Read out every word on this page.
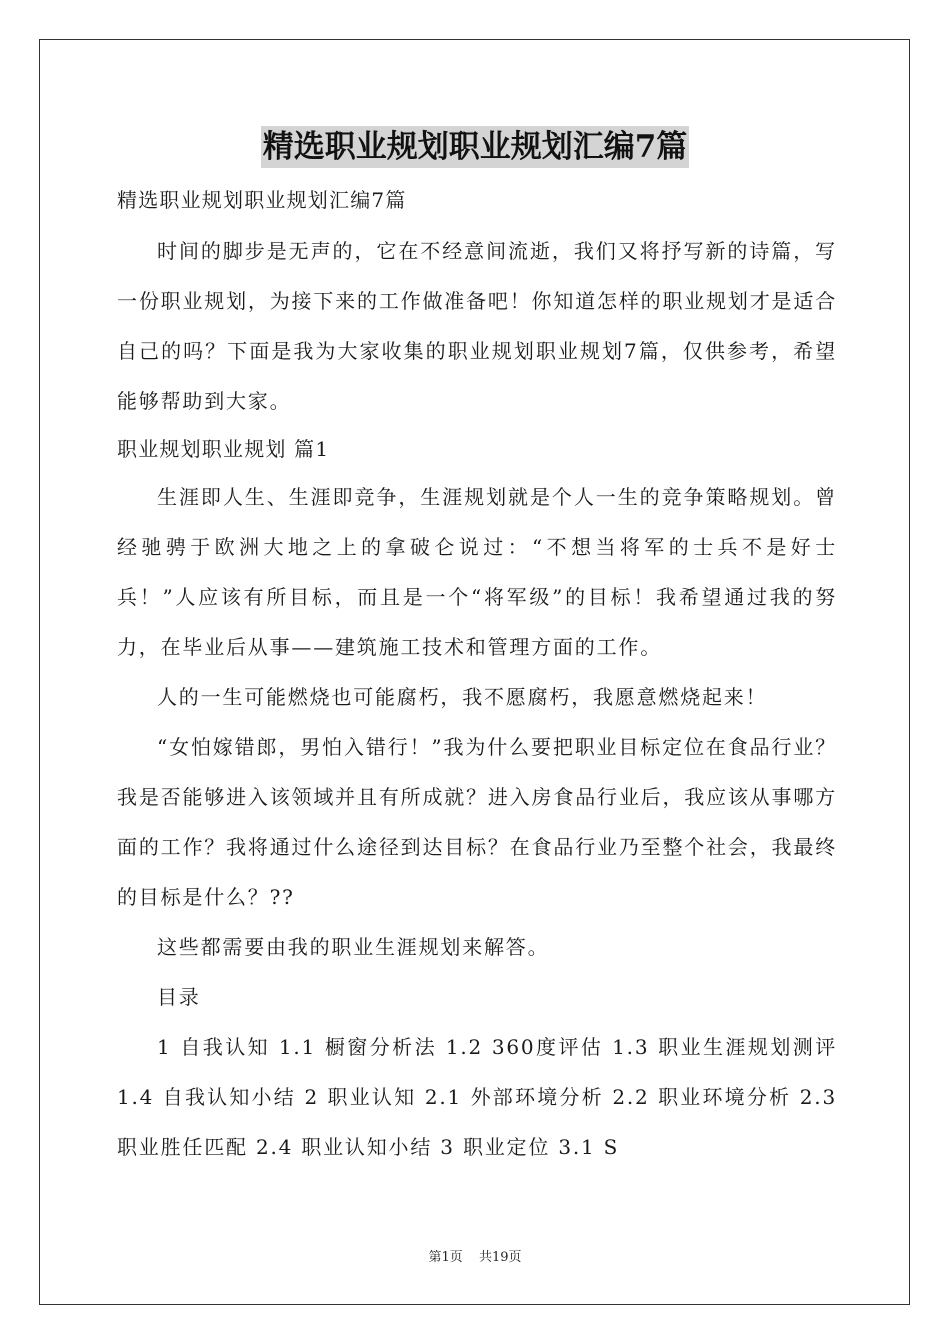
精选职业规划职业规划汇编7篇
精选职业规划职业规划汇编7篇

时间的脚步是无声的，它在不经意间流逝，我们又将抒写新的诗篇，写一份职业规划，为接下来的工作做准备吧！你知道怎样的职业规划才是适合自己的吗？下面是我为大家收集的职业规划职业规划7篇，仅供参考，希望能够帮助到大家。

职业规划职业规划 篇1

生涯即人生、生涯即竞争，生涯规划就是个人一生的竞争策略规划。曾经驰骋于欧洲大地之上的拿破仑说过：“不想当将军的士兵不是好士兵！”人应该有所目标，而且是一个“将军级”的目标！我希望通过我的努力，在毕业后从事——建筑施工技术和管理方面的工作。

人的一生可能燃烧也可能腐朽，我不愿腐朽，我愿意燃烧起来！

“女怕嫁错郎，男怕入错行！”我为什么要把职业目标定位在食品行业？我是否能够进入该领域并且有所成就？进入房食品行业后，我应该从事哪方面的工作？我将通过什么途径到达目标？在食品行业乃至整个社会，我最终的目标是什么？??

这些都需要由我的职业生涯规划来解答。

目录

1 自我认知 1.1 橱窗分析法 1.2 360度评估 1.3 职业生涯规划测评 1.4 自我认知小结 2 职业认知 2.1 外部环境分析 2.2 职业环境分析 2.3 职业胜任匹配 2.4 职业认知小结 3 职业定位 3.1 S

第1页 共19页
